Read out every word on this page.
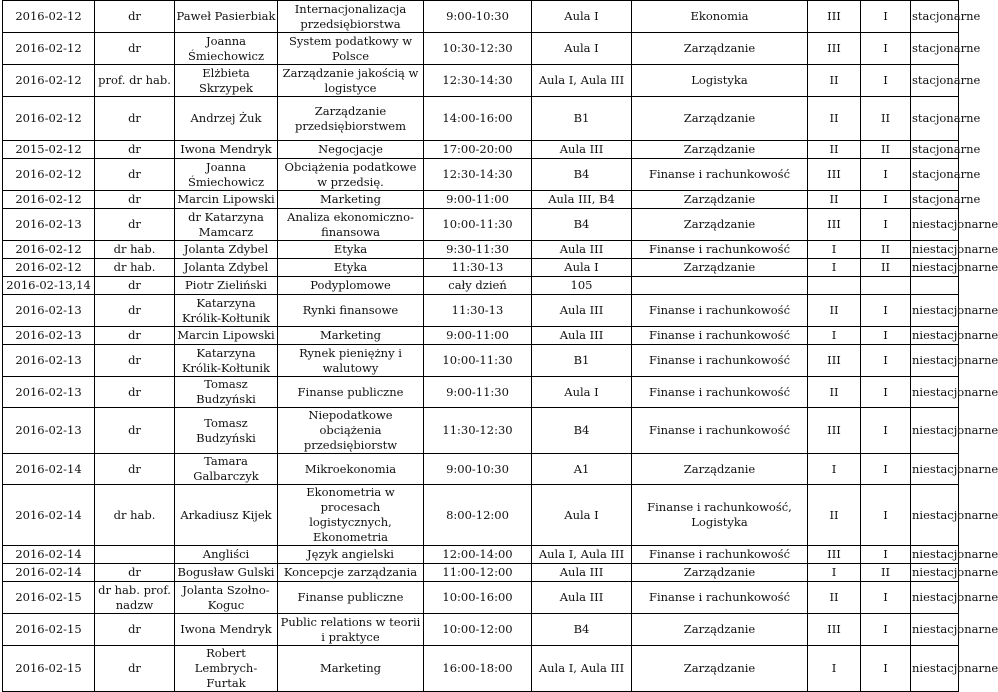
2016-02-12	dr	Paweł Pasierbiak	Internacjonalizacja przedsiębiorstwa	9:00-10:30	Aula I	Ekonomia	III	I	stacjonarne
2016-02-12	dr	Joanna Śmiechowicz	System podatkowy w Polsce	10:30-12:30	Aula I	Zarządzanie	III	I	stacjonarne
2016-02-12	prof. dr hab.	Elżbieta Skrzypek	Zarządzanie jakością w logistyce	12:30-14:30	Aula I, Aula III	Logistyka	II	I	stacjonarne
2016-02-12	dr	Andrzej Żuk	Zarządzanie przedsiębiorstwem	14:00-16:00	B1	Zarządzanie	II	II	stacjonarne
2015-02-12	dr	Iwona Mendryk	Negocjacje	17:00-20:00	Aula III	Zarządzanie	II	II	stacjonarne
2016-02-12	dr	Joanna Śmiechowicz	Obciążenia podatkowe w przedsię.	12:30-14:30	B4	Finanse i rachunkowość	III	I	stacjonarne
2016-02-12	dr	Marcin Lipowski	Marketing	9:00-11:00	Aula III, B4	Zarządzanie	II	I	stacjonarne
2016-02-13	dr	dr Katarzyna Mamcarz	Analiza ekonomiczno-finansowa	10:00-11:30	B4	Zarządzanie	III	I	niestacjonarne
2016-02-12	dr hab.	Jolanta Zdybel	Etyka	9:30-11:30	Aula III	Finanse i rachunkowość	I	II	niestacjonarne
2016-02-12	dr hab.	Jolanta Zdybel	Etyka	11:30-13	Aula I	Zarządzanie	I	II	niestacjonarne
2016-02-13,14	dr	Piotr Zieliński	Podyplomowe	cały dzień	105				
2016-02-13	dr	Katarzyna Królik-Kołtunik	Rynki finansowe	11:30-13	Aula III	Finanse i rachunkowość	II	I	niestacjonarne
2016-02-13	dr	Marcin Lipowski	Marketing	9:00-11:00	Aula III	Finanse i rachunkowość	I	I	niestacjonarne
2016-02-13	dr	Katarzyna Królik-Kołtunik	Rynek pieniężny i walutowy	10:00-11:30	B1	Finanse i rachunkowość	III	I	niestacjonarne
2016-02-13	dr	Tomasz Budzyński	Finanse publiczne	9:00-11:30	Aula I	Finanse i rachunkowość	II	I	niestacjonarne
2016-02-13	dr	Tomasz Budzyński	Niepodatkowe obciążenia przedsiębiorstw	11:30-12:30	B4	Finanse i rachunkowość	III	I	niestacjonarne
2016-02-14	dr	Tamara Galbarczyk	Mikroekonomia	9:00-10:30	A1	Zarządzanie	I	I	niestacjonarne
2016-02-14	dr hab.	Arkadiusz Kijek	Ekonometria w procesach logistycznych, Ekonometria	8:00-12:00	Aula I	Finanse i rachunkowość, Logistyka	II	I	niestacjonarne
2016-02-14		Angliści	Język angielski	12:00-14:00	Aula I, Aula III	Finanse i rachunkowość	III	I	niestacjonarne
2016-02-14	dr	Bogusław Gulski	Koncepcje zarządzania	11:00-12:00	Aula III	Zarządzanie	I	II	niestacjonarne
2016-02-15	dr hab. prof. nadzw	Jolanta Szołno-Koguc	Finanse publiczne	10:00-16:00	Aula III	Finanse i rachunkowość	II	I	niestacjonarne
2016-02-15	dr	Iwona Mendryk	Public relations w teorii i praktyce	10:00-12:00	B4	Zarządzanie	III	I	niestacjonarne
2016-02-15	dr	Robert Lembrych-Furtak	Marketing	16:00-18:00	Aula I, Aula III	Zarządzanie	I	I	niestacjonarne
